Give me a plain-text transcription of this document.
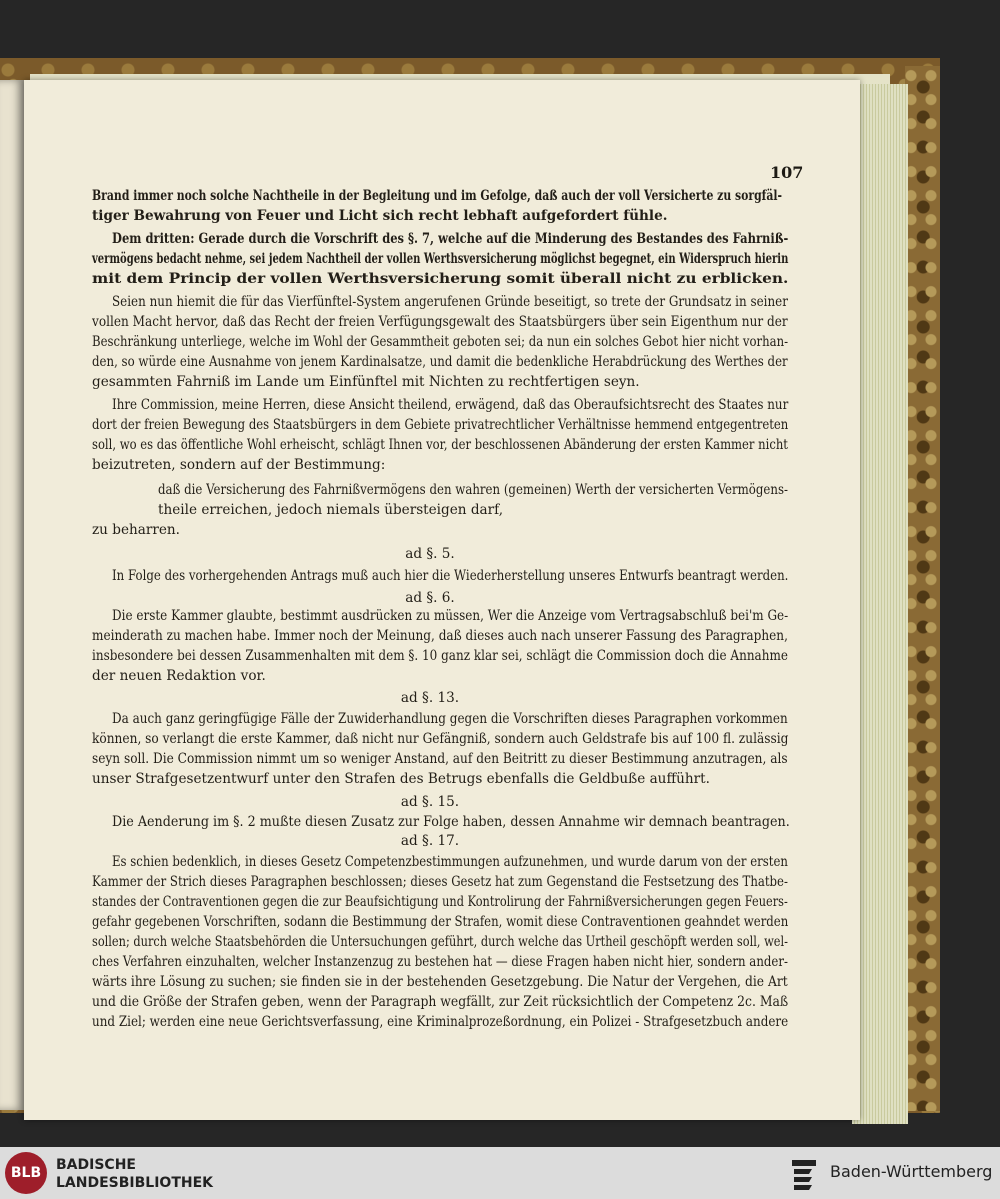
107
Brand immer noch solche Nachtheile in der Begleitung und im Gefolge, daß auch der voll Versicherte zu sorgfäl-
tiger Bewahrung von Feuer und Licht sich recht lebhaft aufgefordert fühle.
Dem dritten: Gerade durch die Vorschrift des §. 7, welche auf die Minderung des Bestandes des Fahrniß-
vermögens bedacht nehme, sei jedem Nachtheil der vollen Werthsversicherung möglichst begegnet, ein Widerspruch hierin
mit dem Princip der vollen Werthsversicherung somit überall nicht zu erblicken.
Seien nun hiemit die für das Vierfünftel-System angerufenen Gründe beseitigt, so trete der Grundsatz in seiner
vollen Macht hervor, daß das Recht der freien Verfügungsgewalt des Staatsbürgers über sein Eigenthum nur der
Beschränkung unterliege, welche im Wohl der Gesammtheit geboten sei; da nun ein solches Gebot hier nicht vorhan-
den, so würde eine Ausnahme von jenem Kardinalsatze, und damit die bedenkliche Herabdrückung des Werthes der
gesammten Fahrniß im Lande um Einfünftel mit Nichten zu rechtfertigen seyn.
Ihre Commission, meine Herren, diese Ansicht theilend, erwägend, daß das Oberaufsichtsrecht des Staates nur
dort der freien Bewegung des Staatsbürgers in dem Gebiete privatrechtlicher Verhältnisse hemmend entgegentreten
soll, wo es das öffentliche Wohl erheischt, schlägt Ihnen vor, der beschlossenen Abänderung der ersten Kammer nicht
beizutreten, sondern auf der Bestimmung:
daß die Versicherung des Fahrnißvermögens den wahren (gemeinen) Werth der versicherten Vermögens-
theile erreichen, jedoch niemals übersteigen darf,
zu beharren.
ad §. 5.
In Folge des vorhergehenden Antrags muß auch hier die Wiederherstellung unseres Entwurfs beantragt werden.
ad §. 6.
Die erste Kammer glaubte, bestimmt ausdrücken zu müssen, Wer die Anzeige vom Vertragsabschluß bei'm Ge-
meinderath zu machen habe. Immer noch der Meinung, daß dieses auch nach unserer Fassung des Paragraphen,
insbesondere bei dessen Zusammenhalten mit dem §. 10 ganz klar sei, schlägt die Commission doch die Annahme
der neuen Redaktion vor.
ad §. 13.
Da auch ganz geringfügige Fälle der Zuwiderhandlung gegen die Vorschriften dieses Paragraphen vorkommen
können, so verlangt die erste Kammer, daß nicht nur Gefängniß, sondern auch Geldstrafe bis auf 100 fl. zulässig
seyn soll. Die Commission nimmt um so weniger Anstand, auf den Beitritt zu dieser Bestimmung anzutragen, als
unser Strafgesetzentwurf unter den Strafen des Betrugs ebenfalls die Geldbuße aufführt.
ad §. 15.
Die Aenderung im §. 2 mußte diesen Zusatz zur Folge haben, dessen Annahme wir demnach beantragen.
ad §. 17.
Es schien bedenklich, in dieses Gesetz Competenzbestimmungen aufzunehmen, und wurde darum von der ersten
Kammer der Strich dieses Paragraphen beschlossen; dieses Gesetz hat zum Gegenstand die Festsetzung des Thatbe-
standes der Contraventionen gegen die zur Beaufsichtigung und Kontrolirung der Fahrnißversicherungen gegen Feuers-
gefahr gegebenen Vorschriften, sodann die Bestimmung der Strafen, womit diese Contraventionen geahndet werden
sollen; durch welche Staatsbehörden die Untersuchungen geführt, durch welche das Urtheil geschöpft werden soll, wel-
ches Verfahren einzuhalten, welcher Instanzenzug zu bestehen hat — diese Fragen haben nicht hier, sondern ander-
wärts ihre Lösung zu suchen; sie finden sie in der bestehenden Gesetzgebung. Die Natur der Vergehen, die Art
und die Größe der Strafen geben, wenn der Paragraph wegfällt, zur Zeit rücksichtlich der Competenz 2c. Maß
und Ziel; werden eine neue Gerichtsverfassung, eine Kriminalprozeßordnung, ein Polizei - Strafgesetzbuch andere
BLB	BADISCHE
LANDESBIBLIOTHEK
Baden-Württemberg
